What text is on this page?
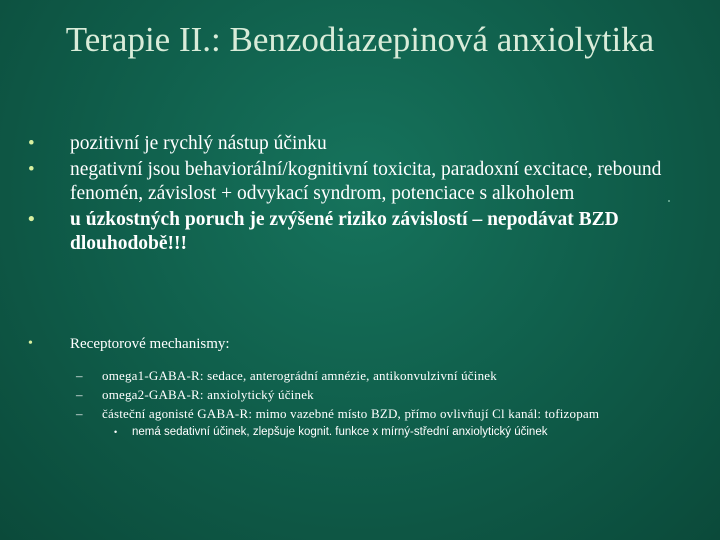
Terapie II.: Benzodiazepinová anxiolytika
• pozitivní je rychlý nástup účinku
• negativní jsou behaviorální/kognitivní toxicita, paradoxní excitace, rebound fenomén, závislost + odvykací syndrom, potenciace s alkoholem
• u úzkostných poruch je zvýšené riziko závislostí – nepodávat BZD dlouhodobě!!!
• Receptorové mechanismy:
– omega1-GABA-R: sedace, anterográdní amnézie, antikonvulzivní účinek
– omega2-GABA-R: anxiolytický účinek
– částeční agonisté GABA-R: mimo vazebné místo BZD, přímo ovlivňují Cl kanál: tofizopam
• nemá sedativní účinek, zlepšuje kognit. funkce x mírný-střední anxiolytický účinek
